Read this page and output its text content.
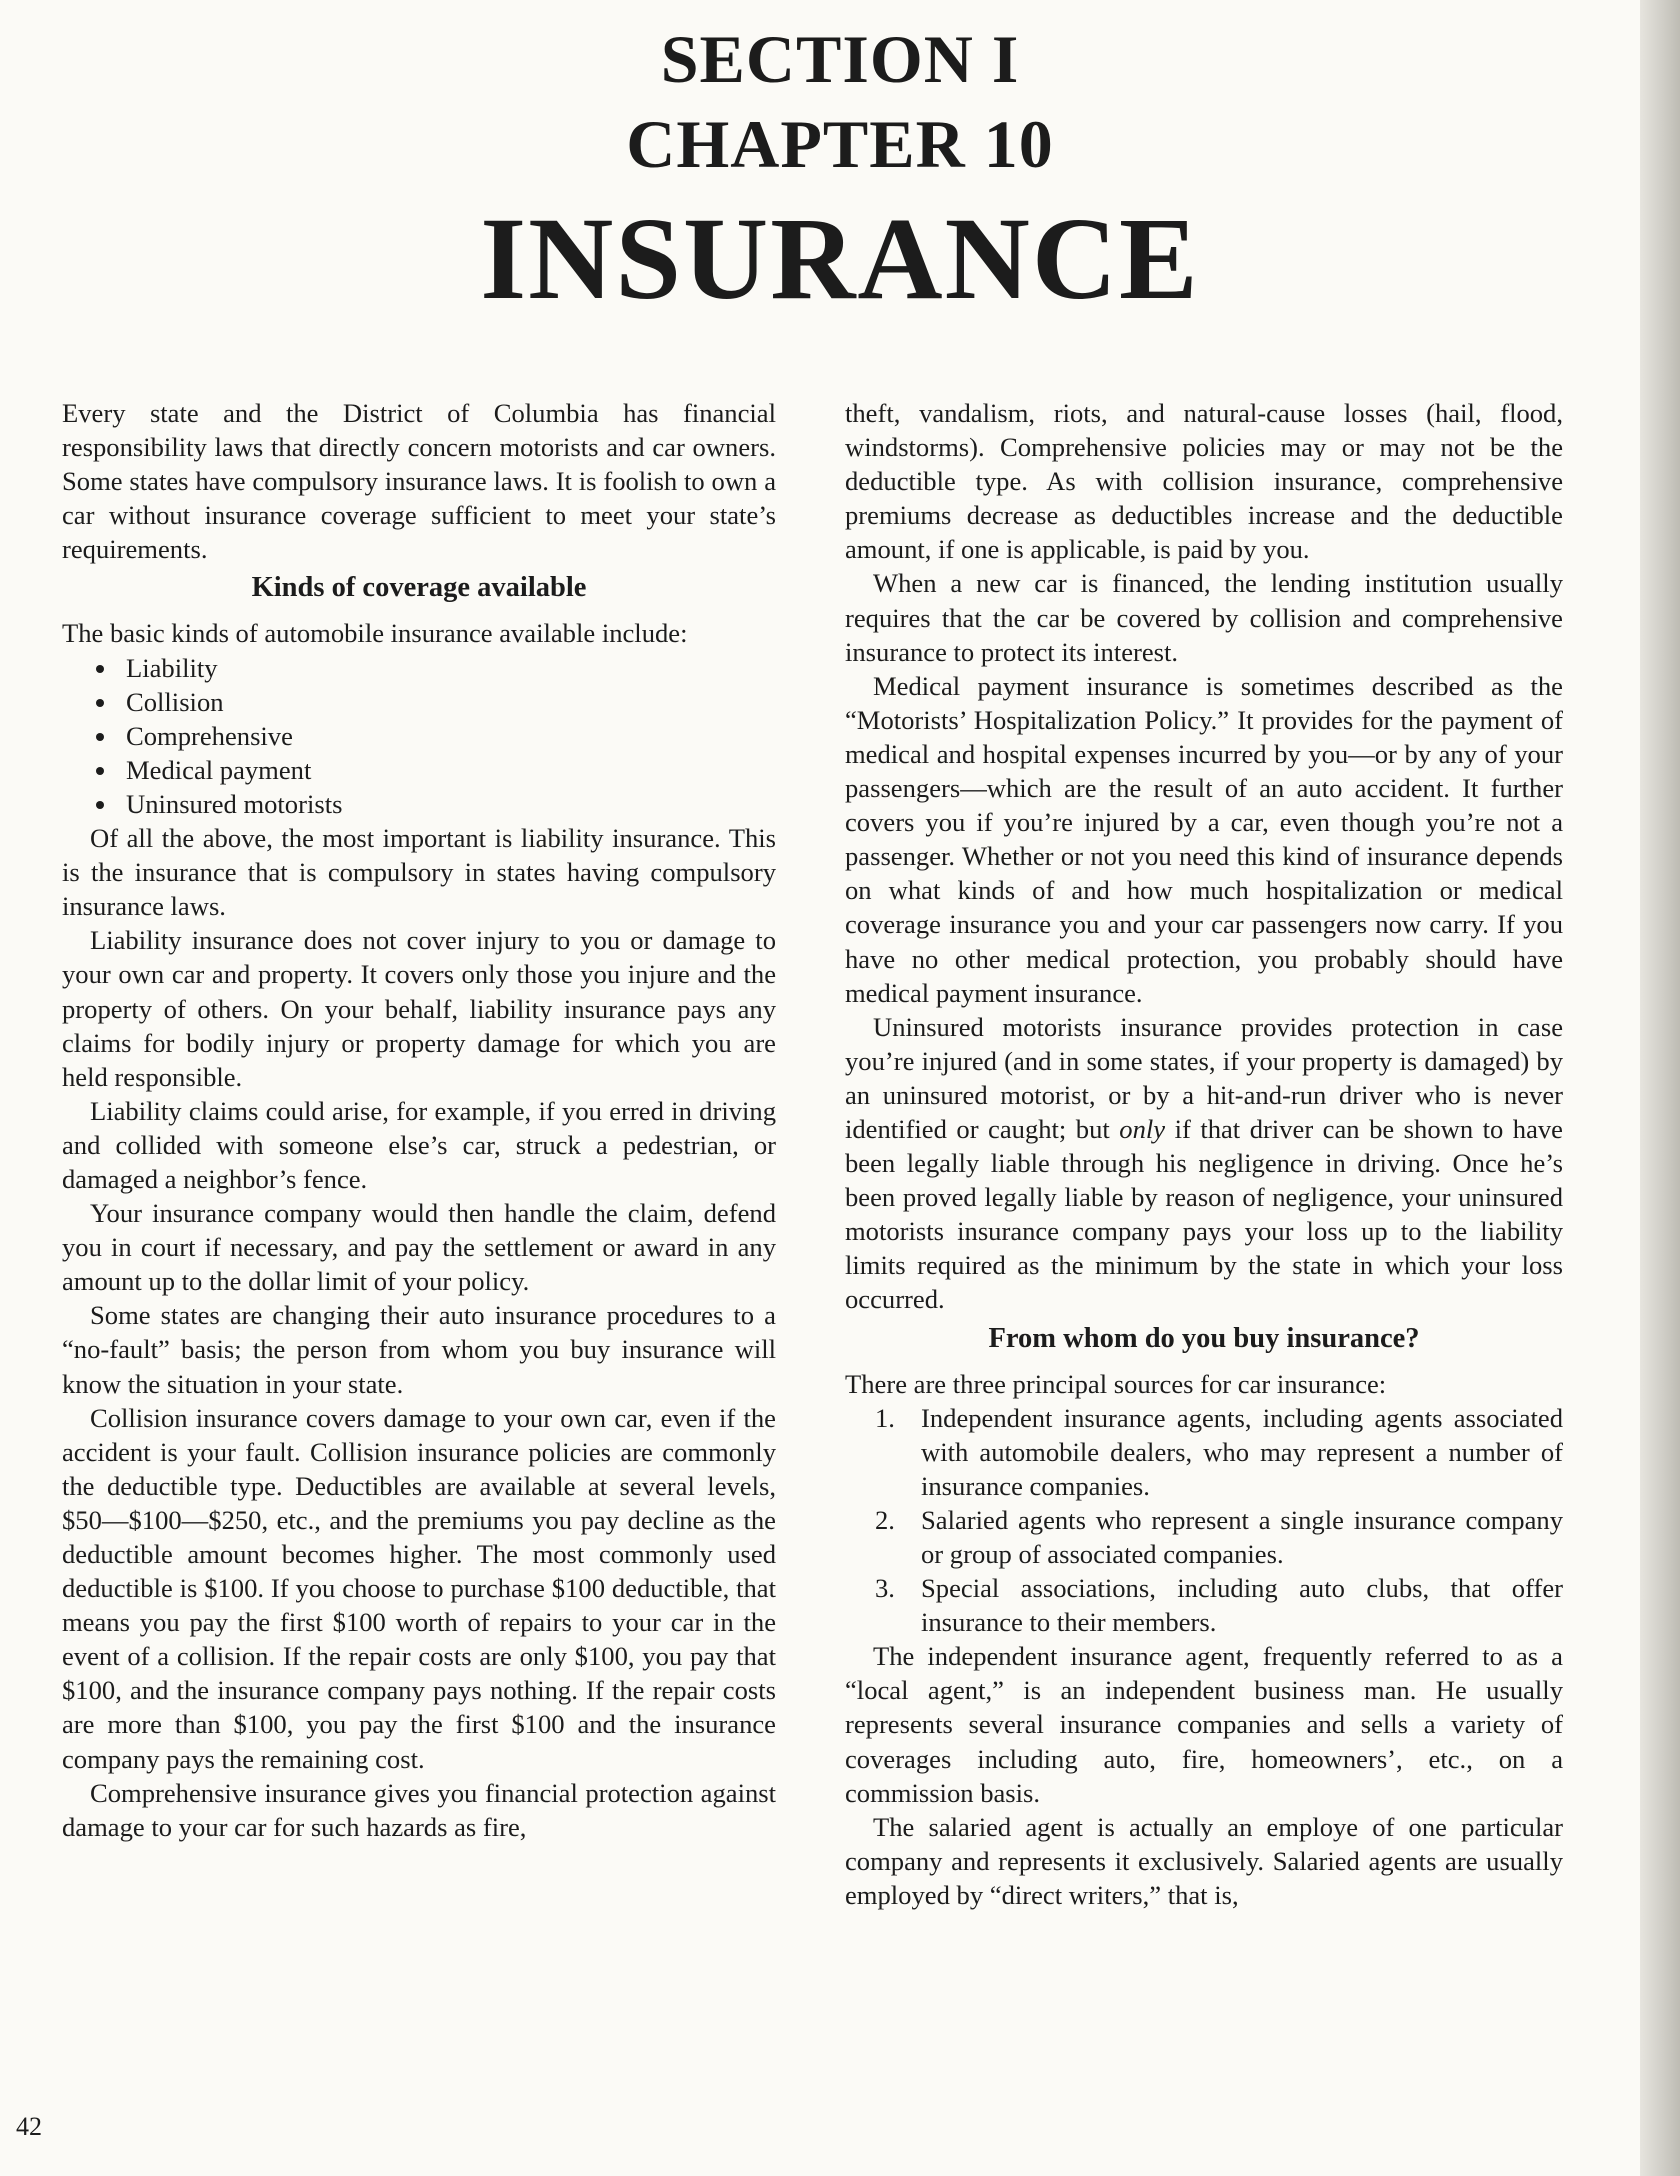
SECTION I
CHAPTER 10
INSURANCE

Every state and the District of Columbia has financial responsibility laws that directly concern motorists and car owners. Some states have compulsory insurance laws. It is foolish to own a car without insurance coverage sufficient to meet your state’s requirements.

Kinds of coverage available

The basic kinds of automobile insurance available include:

Liability
Collision
Comprehensive
Medical payment
Uninsured motorists

Of all the above, the most important is liability insurance. This is the insurance that is compulsory in states having compulsory insurance laws.

Liability insurance does not cover injury to you or damage to your own car and property. It covers only those you injure and the property of others. On your behalf, liability insurance pays any claims for bodily injury or property damage for which you are held responsible.

Liability claims could arise, for example, if you erred in driving and collided with someone else’s car, struck a pedestrian, or damaged a neighbor’s fence.

Your insurance company would then handle the claim, defend you in court if necessary, and pay the settlement or award in any amount up to the dollar limit of your policy.

Some states are changing their auto insurance procedures to a “no-fault” basis; the person from whom you buy insurance will know the situation in your state.

Collision insurance covers damage to your own car, even if the accident is your fault. Collision insurance policies are commonly the deductible type. Deductibles are available at several levels, $50—$100—$250, etc., and the premiums you pay decline as the deductible amount becomes higher. The most commonly used deductible is $100. If you choose to purchase $100 deductible, that means you pay the first $100 worth of repairs to your car in the event of a collision. If the repair costs are only $100, you pay that $100, and the insurance company pays nothing. If the repair costs are more than $100, you pay the first $100 and the insurance company pays the remaining cost.

Comprehensive insurance gives you financial protection against damage to your car for such hazards as fire,

theft, vandalism, riots, and natural-cause losses (hail, flood, windstorms). Comprehensive policies may or may not be the deductible type. As with collision insurance, comprehensive premiums decrease as deductibles increase and the deductible amount, if one is applicable, is paid by you.

When a new car is financed, the lending institution usually requires that the car be covered by collision and comprehensive insurance to protect its interest.

Medical payment insurance is sometimes described as the “Motorists’ Hospitalization Policy.” It provides for the payment of medical and hospital expenses incurred by you—or by any of your passengers—which are the result of an auto accident. It further covers you if you’re injured by a car, even though you’re not a passenger. Whether or not you need this kind of insurance depends on what kinds of and how much hospitalization or medical coverage insurance you and your car passengers now carry. If you have no other medical protection, you probably should have medical payment insurance.

Uninsured motorists insurance provides protection in case you’re injured (and in some states, if your property is damaged) by an uninsured motorist, or by a hit-and-run driver who is never identified or caught; but only if that driver can be shown to have been legally liable through his negligence in driving. Once he’s been proved legally liable by reason of negligence, your uninsured motorists insurance company pays your loss up to the liability limits required as the minimum by the state in which your loss occurred.

From whom do you buy insurance?

There are three principal sources for car insurance:

1. Independent insurance agents, including agents associated with automobile dealers, who may represent a number of insurance companies.
2. Salaried agents who represent a single insurance company or group of associated companies.
3. Special associations, including auto clubs, that offer insurance to their members.

The independent insurance agent, frequently referred to as a “local agent,” is an independent business man. He usually represents several insurance companies and sells a variety of coverages including auto, fire, homeowners’, etc., on a commission basis.

The salaried agent is actually an employe of one particular company and represents it exclusively. Salaried agents are usually employed by “direct writers,” that is,

42
